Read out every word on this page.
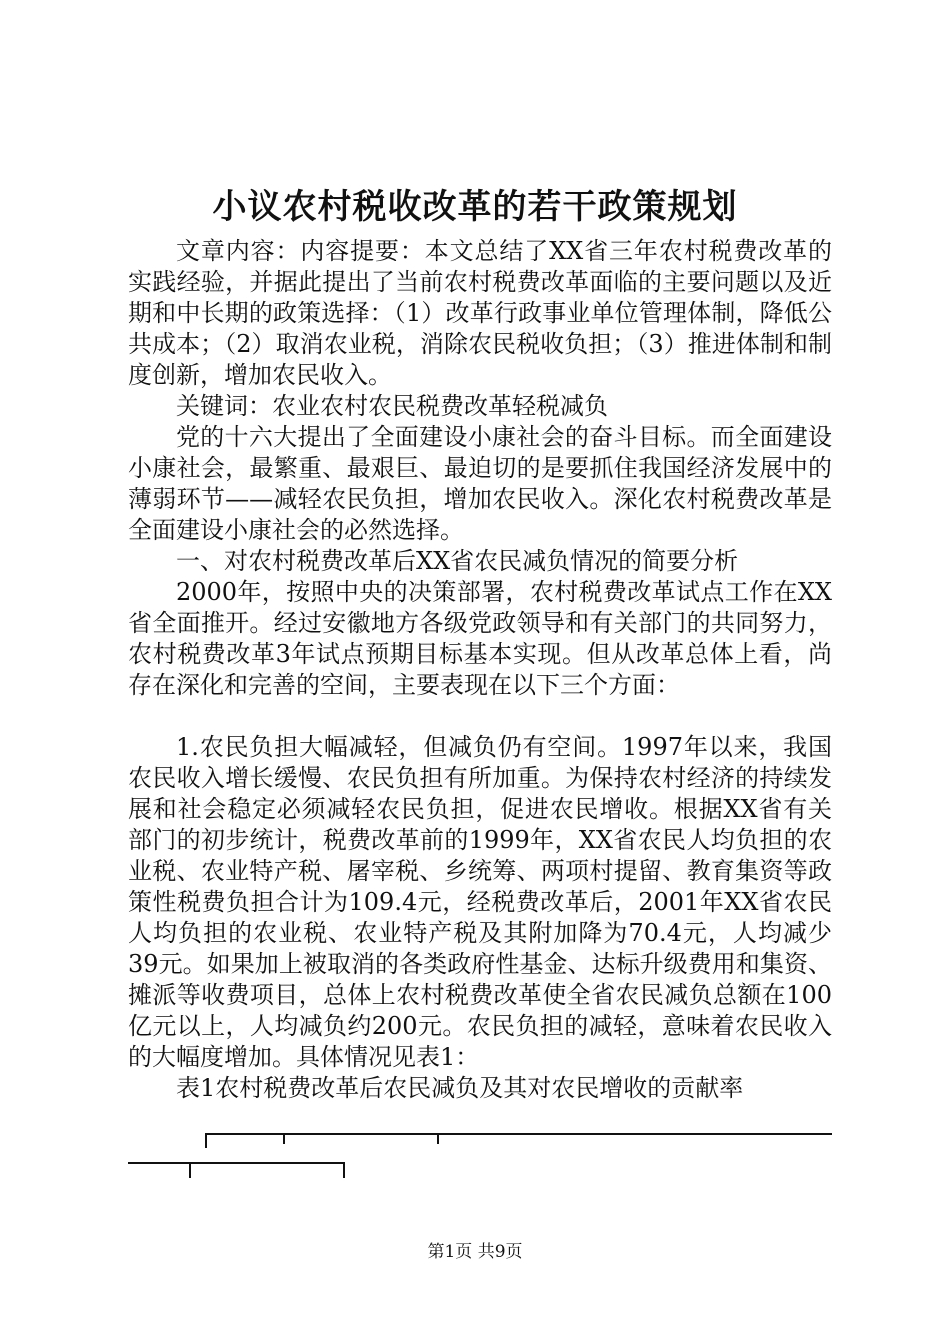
小议农村税收改革的若干政策规划

文章内容：内容提要：本文总结了XX省三年农村税费改革的实践经验，并据此提出了当前农村税费改革面临的主要问题以及近期和中长期的政策选择：（1）改革行政事业单位管理体制，降低公共成本；（2）取消农业税，消除农民税收负担；（3）推进体制和制度创新，增加农民收入。

关键词：农业农村农民税费改革轻税减负

党的十六大提出了全面建设小康社会的奋斗目标。而全面建设小康社会，最繁重、最艰巨、最迫切的是要抓住我国经济发展中的薄弱环节——减轻农民负担，增加农民收入。深化农村税费改革是全面建设小康社会的必然选择。

一、对农村税费改革后XX省农民减负情况的简要分析

2000年，按照中央的决策部署，农村税费改革试点工作在XX省全面推开。经过安徽地方各级党政领导和有关部门的共同努力，农村税费改革3年试点预期目标基本实现。但从改革总体上看，尚存在深化和完善的空间，主要表现在以下三个方面：

1.农民负担大幅减轻，但减负仍有空间。1997年以来，我国农民收入增长缓慢、农民负担有所加重。为保持农村经济的持续发展和社会稳定必须减轻农民负担，促进农民增收。根据XX省有关部门的初步统计，税费改革前的1999年，XX省农民人均负担的农业税、农业特产税、屠宰税、乡统筹、两项村提留、教育集资等政策性税费负担合计为109.4元，经税费改革后，2001年XX省农民人均负担的农业税、农业特产税及其附加降为70.4元，人均减少39元。如果加上被取消的各类政府性基金、达标升级费用和集资、摊派等收费项目，总体上农村税费改革使全省农民减负总额在100亿元以上，人均减负约200元。农民负担的减轻，意味着农民收入的大幅度增加。具体情况见表1：

表1农村税费改革后农民减负及其对农民增收的贡献率

第1页 共9页
